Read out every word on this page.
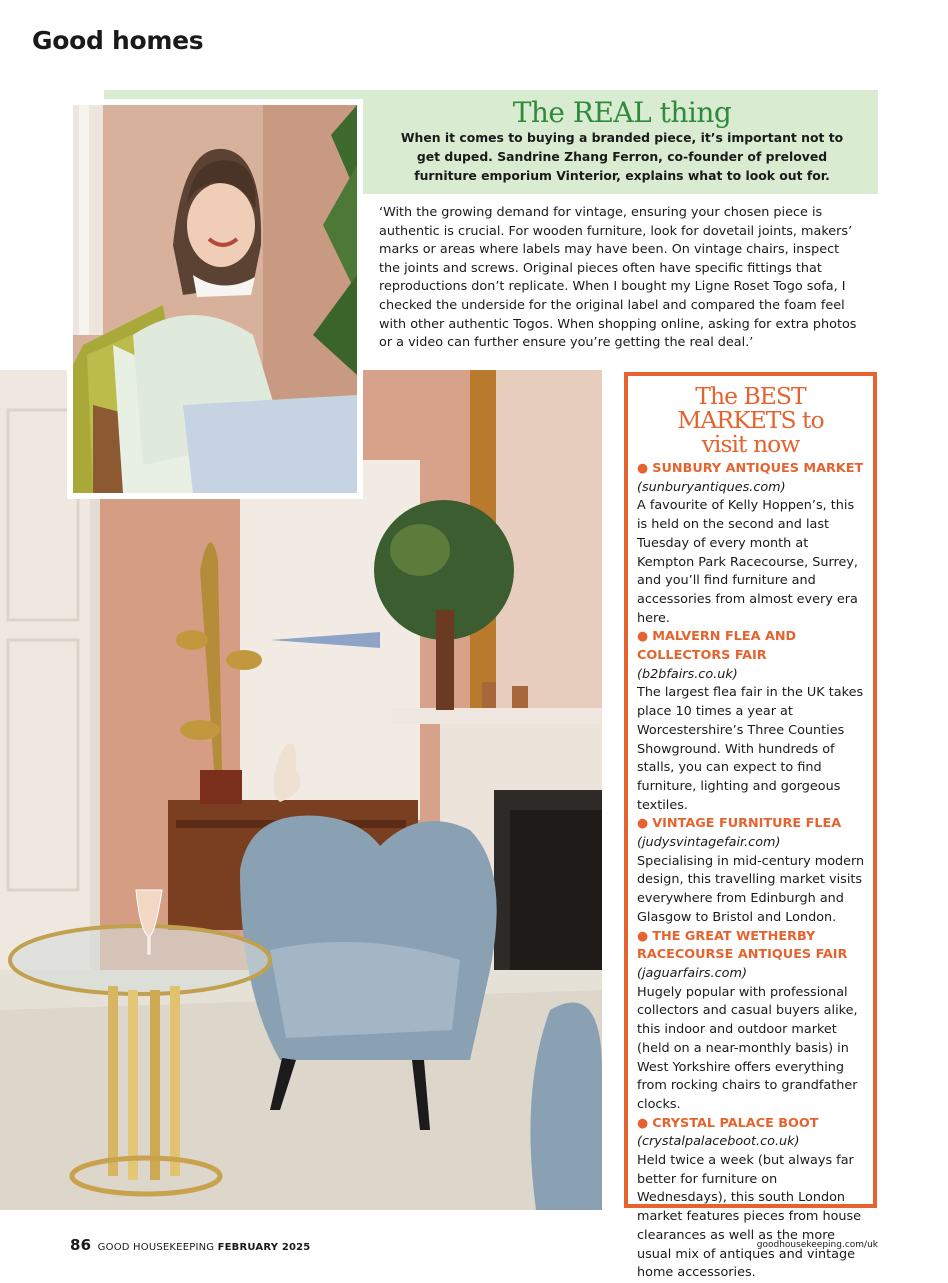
Good homes
The REAL thing

When it comes to buying a branded piece, it’s important not to get duped. Sandrine Zhang Ferron, co-founder of preloved furniture emporium Vinterior, explains what to look out for.

‘With the growing demand for vintage, ensuring your chosen piece is authentic is crucial. For wooden furniture, look for dovetail joints, makers’ marks or areas where labels may have been. On vintage chairs, inspect the joints and screws. Original pieces often have specific fittings that reproductions don’t replicate. When I bought my Ligne Roset Togo sofa, I checked the underside for the original label and compared the foam feel with other authentic Togos. When shopping online, asking for extra photos or a video can further ensure you’re getting the real deal.’

The BEST
MARKETS to
visit now

● SUNBURY ANTIQUES MARKET
(sunburyantiques.com)
A favourite of Kelly Hoppen’s, this is held on the second and last Tuesday of every month at Kempton Park Racecourse, Surrey, and you’ll find furniture and accessories from almost every era here.

● MALVERN FLEA AND COLLECTORS FAIR (b2bfairs.co.uk)
The largest flea fair in the UK takes place 10 times a year at Worcestershire’s Three Counties Showground. With hundreds of stalls, you can expect to find furniture, lighting and gorgeous textiles.

● VINTAGE FURNITURE FLEA
(judysvintagefair.com)
Specialising in mid-century modern design, this travelling market visits everywhere from Edinburgh and Glasgow to Bristol and London.

● THE GREAT WETHERBY RACECOURSE ANTIQUES FAIR
(jaguarfairs.com)
Hugely popular with professional collectors and casual buyers alike, this indoor and outdoor market (held on a near-monthly basis) in West Yorkshire offers everything from rocking chairs to grandfather clocks.

● CRYSTAL PALACE BOOT
(crystalpalaceboot.co.uk)
Held twice a week (but always far better for furniture on Wednesdays), this south London market features pieces from house clearances as well as the more usual mix of antiques and vintage home accessories.

86 GOOD HOUSEKEEPING FEBRUARY 2025	goodhousekeeping.com/uk
